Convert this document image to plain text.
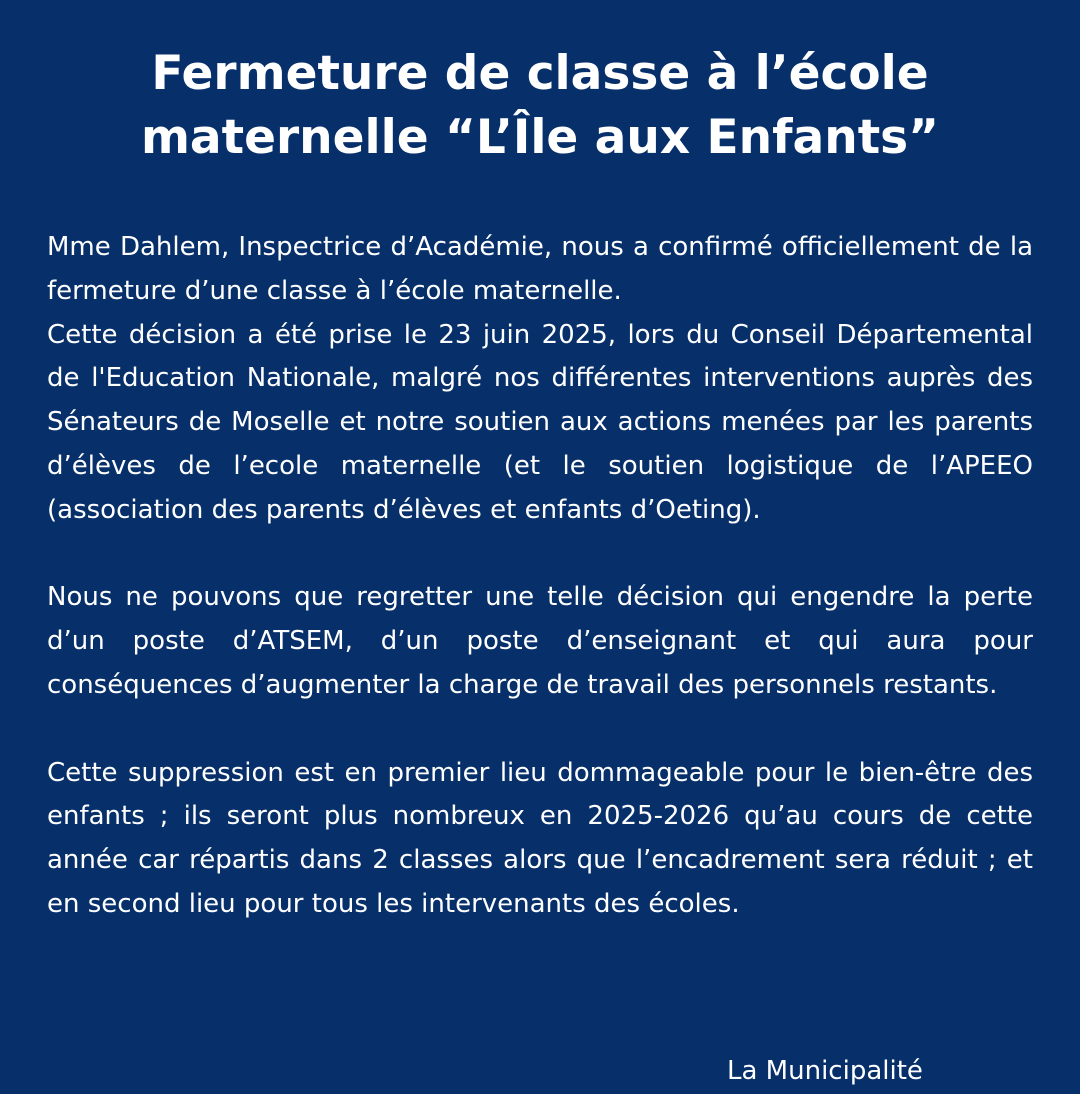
Fermeture de classe à l’école
maternelle “L’Île aux Enfants”

Mme Dahlem, Inspectrice d’Académie, nous a confirmé officiellement de la fermeture d’une classe à l’école maternelle.
Cette décision a été prise le 23 juin 2025, lors du Conseil Départemental de l'Education Nationale, malgré nos différentes interventions auprès des Sénateurs de Moselle et notre soutien aux actions menées par les parents d’élèves de l’ecole maternelle (et le soutien logistique de l’APEEO (association des parents d’élèves et enfants d’Oeting).

Nous ne pouvons que regretter une telle décision qui engendre la perte d’un poste d’ATSEM, d’un poste d’enseignant et qui aura pour conséquences d’augmenter la charge de travail des personnels restants.

Cette suppression est en premier lieu dommageable pour le bien-être des enfants ; ils seront plus nombreux en 2025-2026 qu’au cours de cette année car répartis dans 2 classes alors que l’encadrement sera réduit ; et en second lieu pour tous les intervenants des écoles.

La Municipalité
